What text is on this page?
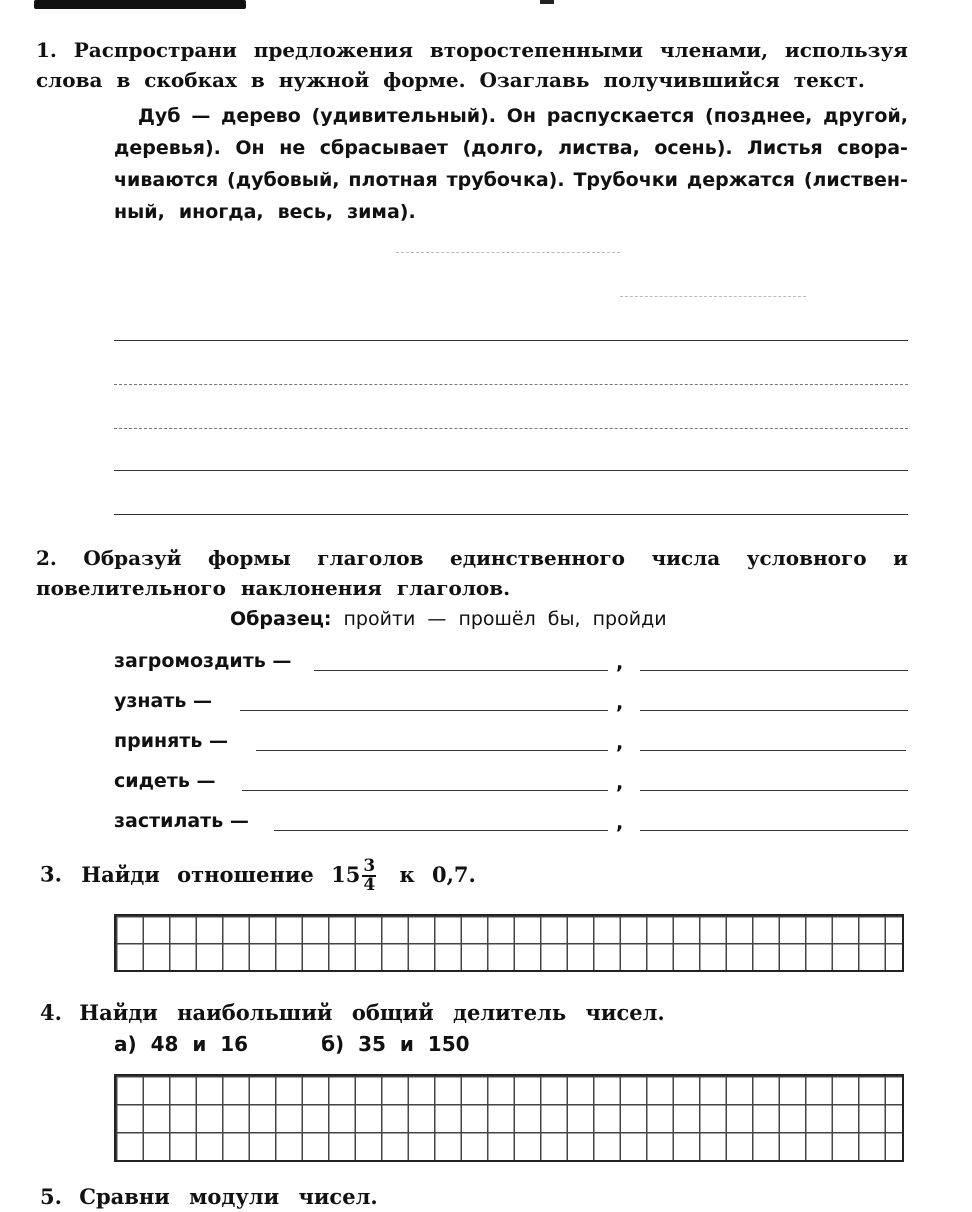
1. Распространи предложения второстепенными членами, используя
слова в скобках в нужной форме. Озаглавь получившийся текст.
Дуб — дерево (удивительный). Он распускается (позднее, другой,
деревья). Он не сбрасывает (долго, листва, осень). Листья свора-
чиваются (дубовый, плотная трубочка). Трубочки держатся (листвен-
ный, иногда, весь, зима).
2. Образуй формы глаголов единственного числа условного и
повелительного наклонения глаголов.
Образец: пройти — прошёл бы, пройди
загромоздить —	,
узнать —	,
принять —	,
сидеть —	,
застилать —	,
3. Найди отношение $15 \frac{3}{4}$ к 0,7.
4. Найди наибольший общий делитель чисел.
а)  48  и  16	б)  35  и  150
5. Сравни модули чисел.
